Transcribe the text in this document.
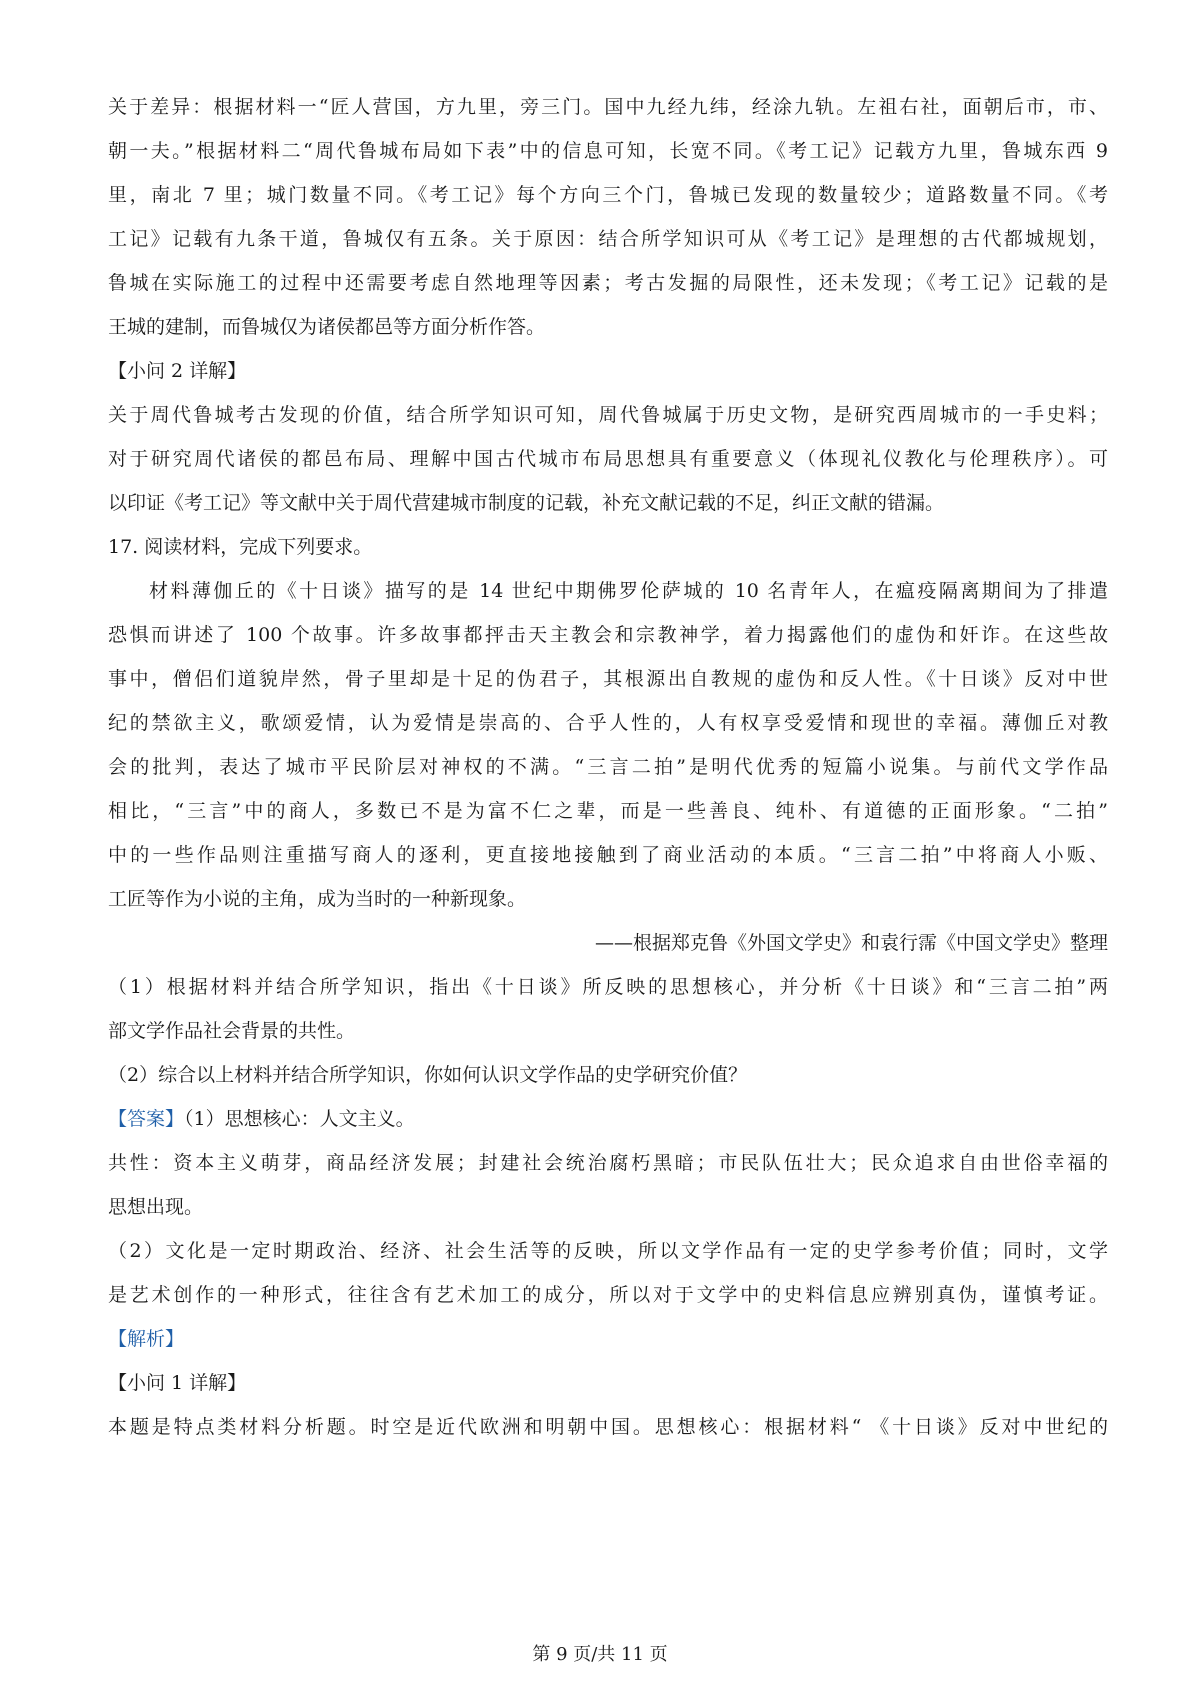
关于差异：根据材料一“匠人营国，方九里，旁三门。国中九经九纬，经涂九轨。左祖右社，面朝后市，市、
朝一夫。”根据材料二“周代鲁城布局如下表”中的信息可知，长宽不同。《考工记》记载方九里，鲁城东西 9
里，南北 7 里；城门数量不同。《考工记》每个方向三个门，鲁城已发现的数量较少；道路数量不同。《考
工记》记载有九条干道，鲁城仅有五条。关于原因：结合所学知识可从《考工记》是理想的古代都城规划，
鲁城在实际施工的过程中还需要考虑自然地理等因素；考古发掘的局限性，还未发现；《考工记》记载的是
王城的建制，而鲁城仅为诸侯都邑等方面分析作答。
【小问 2 详解】
关于周代鲁城考古发现的价值，结合所学知识可知，周代鲁城属于历史文物，是研究西周城市的一手史料；
对于研究周代诸侯的都邑布局、理解中国古代城市布局思想具有重要意义（体现礼仪教化与伦理秩序）。可
以印证《考工记》等文献中关于周代营建城市制度的记载，补充文献记载的不足，纠正文献的错漏。
17. 阅读材料，完成下列要求。
材料薄伽丘的《十日谈》描写的是 14 世纪中期佛罗伦萨城的 10 名青年人，在瘟疫隔离期间为了排遣
恐惧而讲述了 100 个故事。许多故事都抨击天主教会和宗教神学，着力揭露他们的虚伪和奸诈。在这些故
事中，僧侣们道貌岸然，骨子里却是十足的伪君子，其根源出自教规的虚伪和反人性。《十日谈》反对中世
纪的禁欲主义，歌颂爱情，认为爱情是崇高的、合乎人性的，人有权享受爱情和现世的幸福。薄伽丘对教
会的批判，表达了城市平民阶层对神权的不满。“三言二拍”是明代优秀的短篇小说集。与前代文学作品
相比，“三言”中的商人，多数已不是为富不仁之辈，而是一些善良、纯朴、有道德的正面形象。“二拍”
中的一些作品则注重描写商人的逐利，更直接地接触到了商业活动的本质。“三言二拍”中将商人小贩、
工匠等作为小说的主角，成为当时的一种新现象。
——根据郑克鲁《外国文学史》和袁行霈《中国文学史》整理
（1）根据材料并结合所学知识，指出《十日谈》所反映的思想核心，并分析《十日谈》和“三言二拍”两
部文学作品社会背景的共性。
（2）综合以上材料并结合所学知识，你如何认识文学作品的史学研究价值？
【答案】（1）思想核心：人文主义。
共性：资本主义萌芽，商品经济发展；封建社会统治腐朽黑暗；市民队伍壮大；民众追求自由世俗幸福的
思想出现。
（2）文化是一定时期政治、经济、社会生活等的反映，所以文学作品有一定的史学参考价值；同时，文学
是艺术创作的一种形式，往往含有艺术加工的成分，所以对于文学中的史料信息应辨别真伪，谨慎考证。
【解析】
【小问 1 详解】
本题是特点类材料分析题。时空是近代欧洲和明朝中国。思想核心：根据材料“ 《十日谈》反对中世纪的
第 9 页/共 11 页
